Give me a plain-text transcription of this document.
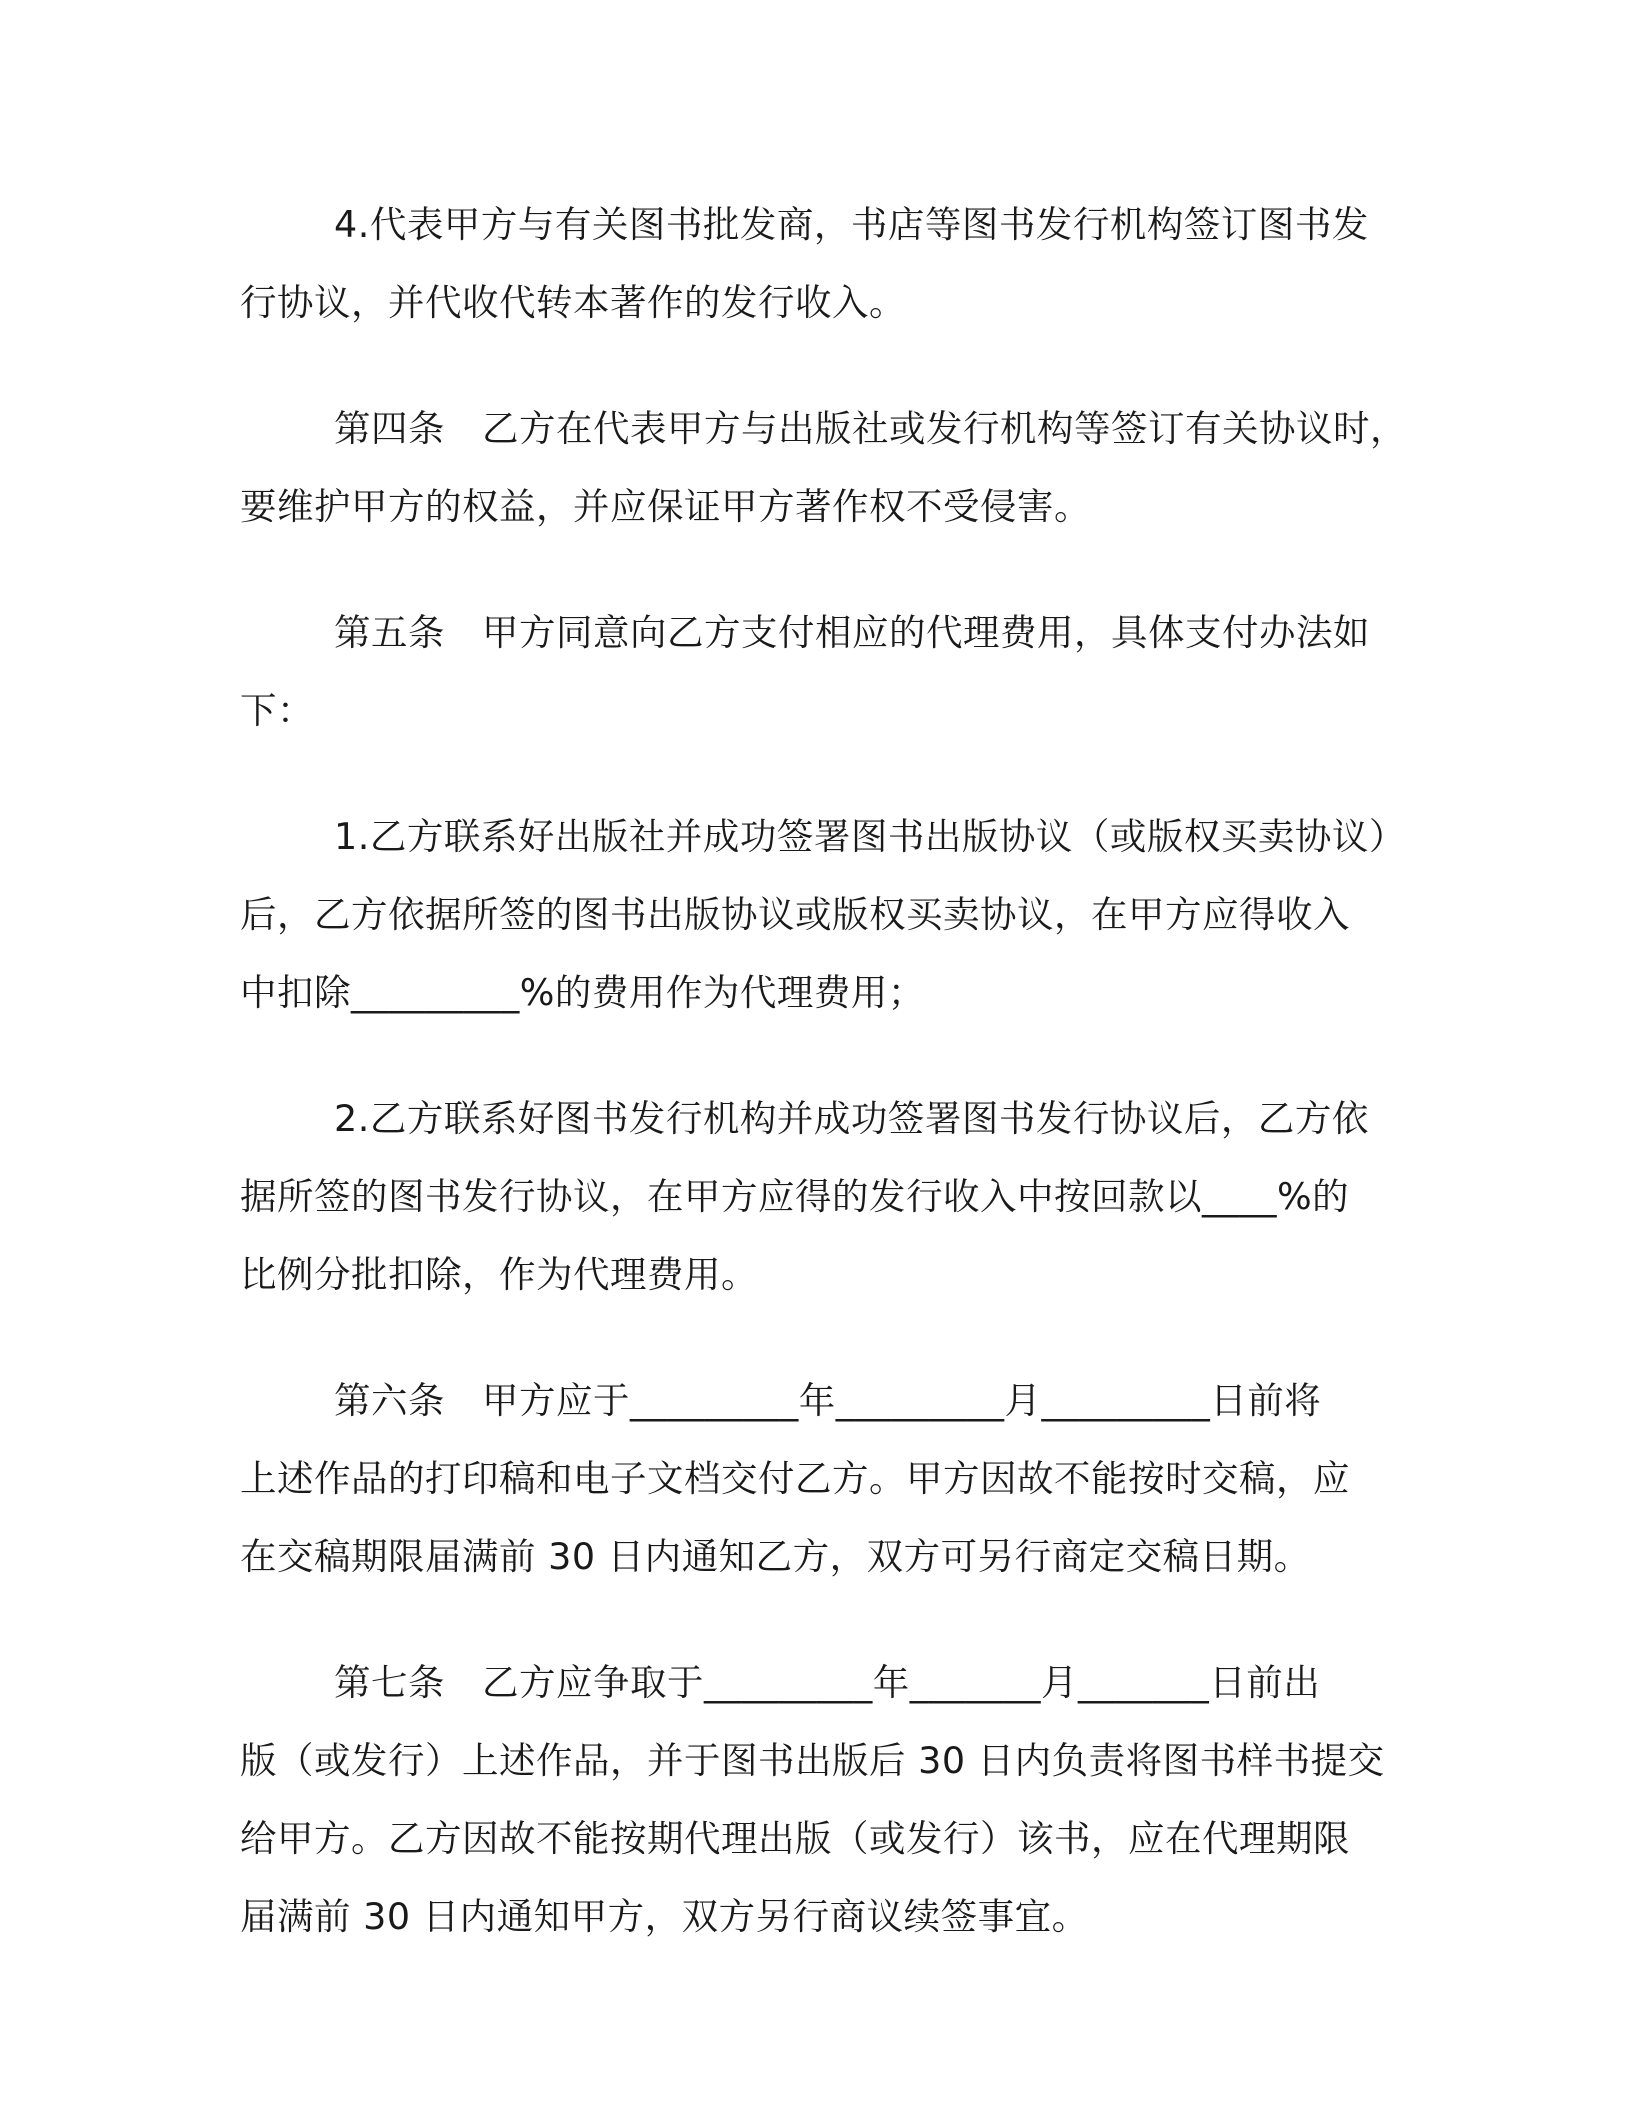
4.代表甲方与有关图书批发商，书店等图书发行机构签订图书发
行协议，并代收代转本著作的发行收入。

第四条　乙方在代表甲方与出版社或发行机构等签订有关协议时，
要维护甲方的权益，并应保证甲方著作权不受侵害。

第五条　甲方同意向乙方支付相应的代理费用，具体支付办法如
下：

1.乙方联系好出版社并成功签署图书出版协议（或版权买卖协议）
后，乙方依据所签的图书出版协议或版权买卖协议，在甲方应得收入
中扣除_________%的费用作为代理费用；

2.乙方联系好图书发行机构并成功签署图书发行协议后，乙方依
据所签的图书发行协议，在甲方应得的发行收入中按回款以____%的
比例分批扣除，作为代理费用。

第六条　甲方应于_________年_________月_________日前将
上述作品的打印稿和电子文档交付乙方。甲方因故不能按时交稿，应
在交稿期限届满前 30 日内通知乙方，双方可另行商定交稿日期。

第七条　乙方应争取于_________年_______月_______日前出
版（或发行）上述作品，并于图书出版后 30 日内负责将图书样书提交
给甲方。乙方因故不能按期代理出版（或发行）该书，应在代理期限
届满前 30 日内通知甲方，双方另行商议续签事宜。
